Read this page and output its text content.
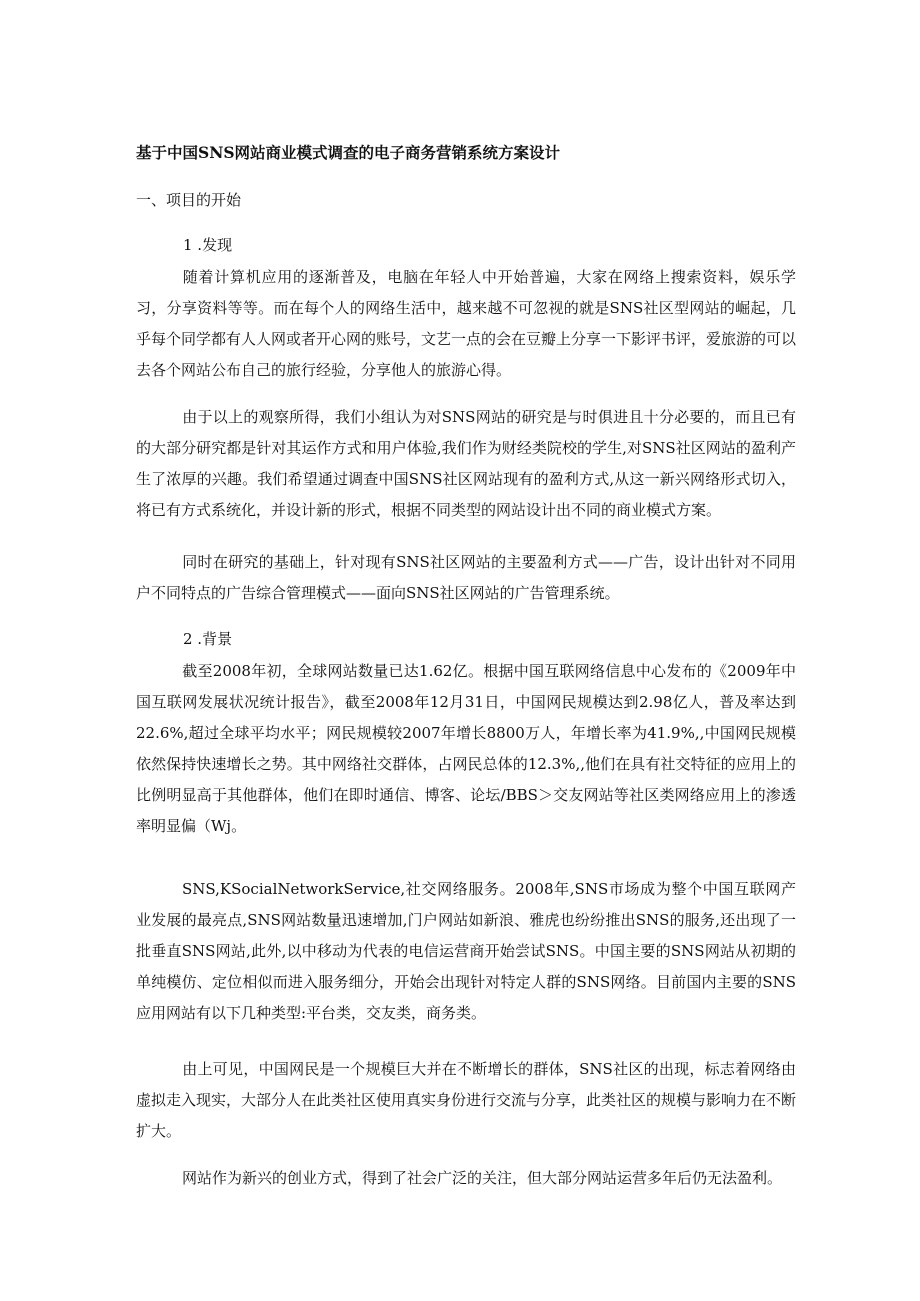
基于中国SNS网站商业模式调查的电子商务营销系统方案设计
一、项目的开始
1 .发现

随着计算机应用的逐渐普及，电脑在年轻人中开始普遍，大家在网络上搜索资料，娱乐学习，分享资料等等。而在每个人的网络生活中，越来越不可忽视的就是SNS社区型网站的崛起，几乎每个同学都有人人网或者开心网的账号，文艺一点的会在豆瓣上分享一下影评书评，爱旅游的可以去各个网站公布自己的旅行经验，分享他人的旅游心得。

由于以上的观察所得，我们小组认为对SNS网站的研究是与时俱进且十分必要的，而且已有的大部分研究都是针对其运作方式和用户体验,我们作为财经类院校的学生,对SNS社区网站的盈利产生了浓厚的兴趣。我们希望通过调查中国SNS社区网站现有的盈利方式,从这一新兴网络形式切入，将已有方式系统化，并设计新的形式，根据不同类型的网站设计出不同的商业模式方案。

同时在研究的基础上，针对现有SNS社区网站的主要盈利方式——广告，设计出针对不同用户不同特点的广告综合管理模式——面向SNS社区网站的广告管理系统。

2 .背景

截至2008年初，全球网站数量已达1.62亿。根据中国互联网络信息中心发布的《2009年中国互联网发展状况统计报告》，截至2008年12月31日，中国网民规模达到2.98亿人，普及率达到22.6%,超过全球平均水平；网民规模较2007年增长8800万人，年增长率为41.9%,,中国网民规模依然保持快速增长之势。其中网络社交群体，占网民总体的12.3%,,他们在具有社交特征的应用上的比例明显高于其他群体，他们在即时通信、博客、论坛/BBS＞交友网站等社区类网络应用上的渗透率明显偏（Wj。

SNS,KSocialNetworkService,社交网络服务。2008年,SNS市场成为整个中国互联网产业发展的最亮点,SNS网站数量迅速增加,门户网站如新浪、雅虎也纷纷推出SNS的服务,还出现了一批垂直SNS网站,此外,以中移动为代表的电信运营商开始尝试SNS。中国主要的SNS网站从初期的单纯模仿、定位相似而进入服务细分，开始会出现针对特定人群的SNS网络。目前国内主要的SNS应用网站有以下几种类型:平台类，交友类，商务类。

由上可见，中国网民是一个规模巨大并在不断增长的群体，SNS社区的出现，标志着网络由虚拟走入现实，大部分人在此类社区使用真实身份进行交流与分享，此类社区的规模与影响力在不断扩大。

网站作为新兴的创业方式，得到了社会广泛的关注，但大部分网站运营多年后仍无法盈利。
